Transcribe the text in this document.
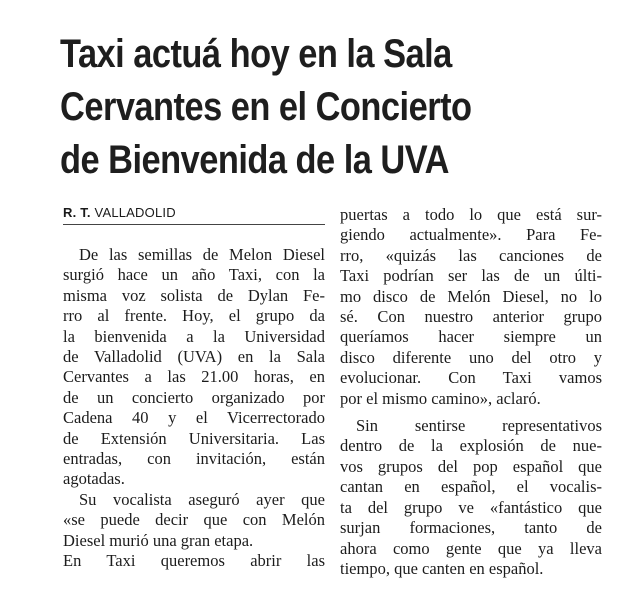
Taxi actuá hoy en la Sala
Cervantes en el Concierto
de Bienvenida de la UVA
R. T. VALLADOLID
De las semillas de Melon Diesel
surgió hace un año Taxi, con la
misma voz solista de Dylan Fe-
rro al frente. Hoy, el grupo da
la bienvenida a la Universidad
de Valladolid (UVA) en la Sala
Cervantes a las 21.00 horas, en
de un concierto organizado por
Cadena 40 y el Vicerrectorado
de Extensión Universitaria. Las
entradas, con invitación, están
agotadas.
Su vocalista aseguró ayer que
«se puede decir que con Melón
Diesel murió una gran etapa.
En Taxi queremos abrir las
puertas a todo lo que está sur-
giendo actualmente». Para Fe-
rro, «quizás las canciones de
Taxi podrían ser las de un últi-
mo disco de Melón Diesel, no lo
sé. Con nuestro anterior grupo
queríamos hacer siempre un
disco diferente uno del otro y
evolucionar. Con Taxi vamos
por el mismo camino», aclaró.
Sin sentirse representativos
dentro de la explosión de nue-
vos grupos del pop español que
cantan en español, el vocalis-
ta del grupo ve «fantástico que
surjan formaciones, tanto de
ahora como gente que ya lleva
tiempo, que canten en español.
